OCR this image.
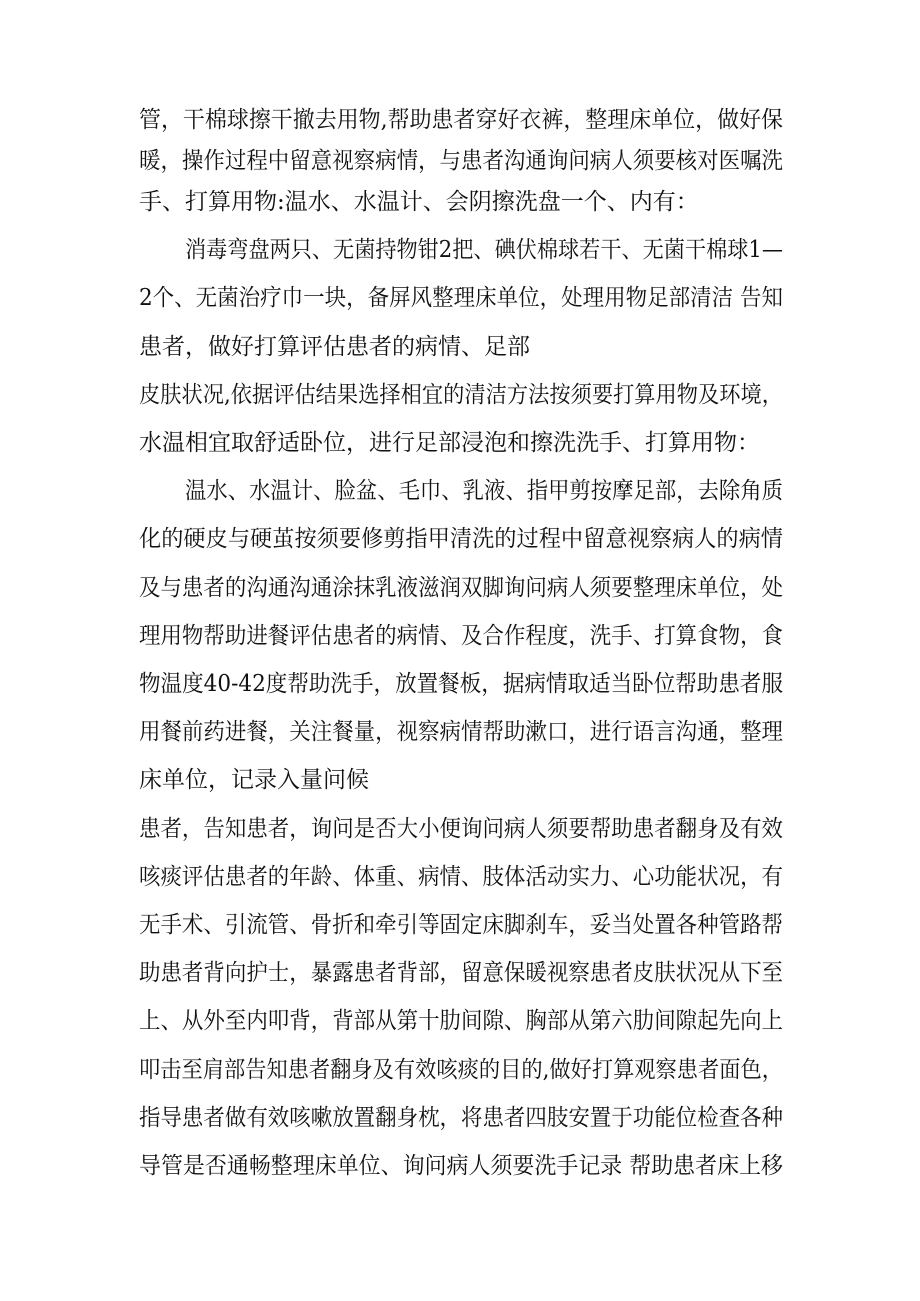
管，干棉球擦干撤去用物,帮助患者穿好衣裤，整理床单位，做好保

暖，操作过程中留意视察病情，与患者沟通询问病人须要核对医嘱洗

手、打算用物:温水、水温计、会阴擦洗盘一个、内有：

消毒弯盘两只、无菌持物钳2把、碘伏棉球若干、无菌干棉球1—

2个、无菌治疗巾一块，备屏风整理床单位，处理用物足部清洁 告知

患者，做好打算评估患者的病情、足部

皮肤状况,依据评估结果选择相宜的清洁方法按须要打算用物及环境，

水温相宜取舒适卧位，进行足部浸泡和擦洗洗手、打算用物：

温水、水温计、脸盆、毛巾、乳液、指甲剪按摩足部，去除角质

化的硬皮与硬茧按须要修剪指甲清洗的过程中留意视察病人的病情

及与患者的沟通沟通涂抹乳液滋润双脚询问病人须要整理床单位，处

理用物帮助进餐评估患者的病情、及合作程度，洗手、打算食物，食

物温度40-42度帮助洗手，放置餐板，据病情取适当卧位帮助患者服

用餐前药进餐，关注餐量，视察病情帮助漱口，进行语言沟通，整理

床单位，记录入量问候

患者，告知患者，询问是否大小便询问病人须要帮助患者翻身及有效

咳痰评估患者的年龄、体重、病情、肢体活动实力、心功能状况，有

无手术、引流管、骨折和牵引等固定床脚刹车，妥当处置各种管路帮

助患者背向护士，暴露患者背部，留意保暖视察患者皮肤状况从下至

上、从外至内叩背，背部从第十肋间隙、胸部从第六肋间隙起先向上

叩击至肩部告知患者翻身及有效咳痰的目的,做好打算观察患者面色，

指导患者做有效咳嗽放置翻身枕，将患者四肢安置于功能位检查各种

导管是否通畅整理床单位、询问病人须要洗手记录 帮助患者床上移
